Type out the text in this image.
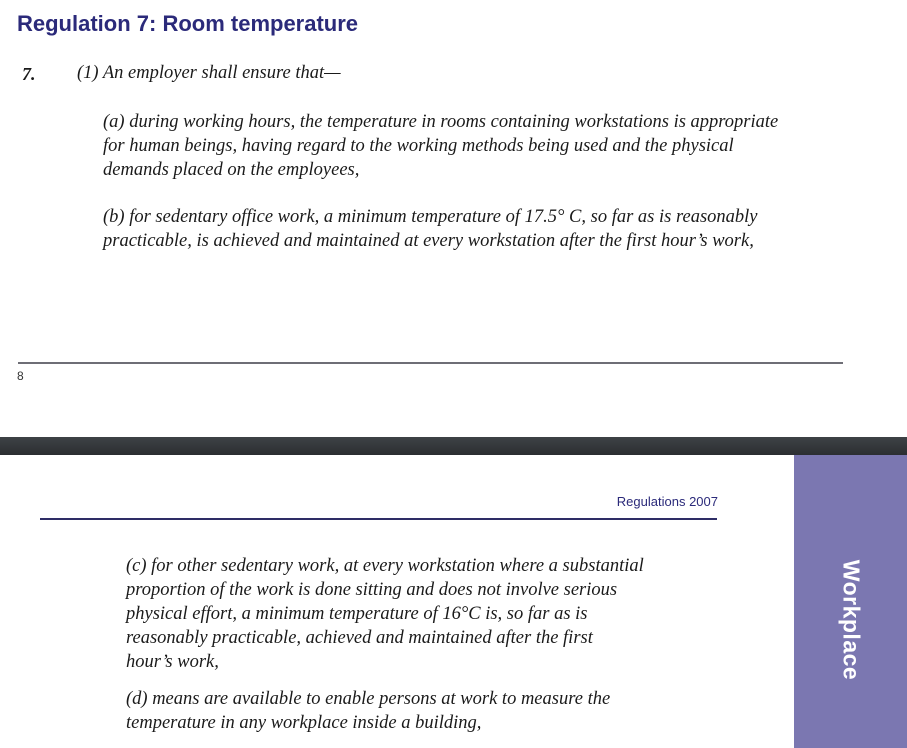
Regulation 7: Room temperature
7. (1) An employer shall ensure that—

(a) during working hours, the temperature in rooms containing workstations is appropriate
for human beings, having regard to the working methods being used and the physical
demands placed on the employees,

(b) for sedentary office work, a minimum temperature of 17.5° C, so far as is reasonably
practicable, is achieved and maintained at every workstation after the first hour’s work,

8
Regulations 2007

(c) for other sedentary work, at every workstation where a substantial
proportion of the work is done sitting and does not involve serious
physical effort, a minimum temperature of 16°C is, so far as is
reasonably practicable, achieved and maintained after the first
hour’s work,

(d) means are available to enable persons at work to measure the
temperature in any workplace inside a building,

Workplace
